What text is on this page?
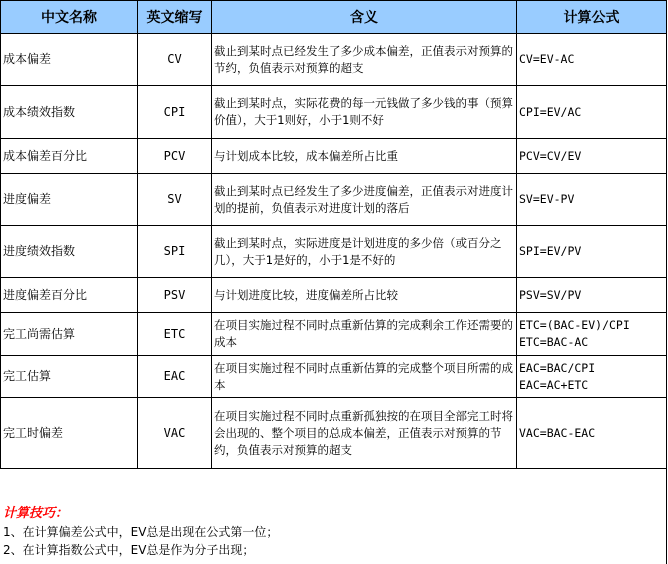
中文名称	英文缩写	含义	计算公式
成本偏差	CV	截止到某时点已经发生了多少成本偏差，正值表示对预算的节约，负值表示对预算的超支	CV=EV-AC

成本绩效指数	CPI	截止到某时点，实际花费的每一元钱做了多少钱的事（预算价值），大于1则好，小于1则不好	CPI=EV/AC

成本偏差百分比	PCV	与计划成本比较，成本偏差所占比重	PCV=CV/EV

进度偏差	SV	截止到某时点已经发生了多少进度偏差，正值表示对进度计划的提前，负值表示对进度计划的落后	SV=EV-PV

进度绩效指数	SPI	截止到某时点，实际进度是计划进度的多少倍（或百分之几），大于1是好的，小于1是不好的	SPI=EV/PV

进度偏差百分比	PSV	与计划进度比较，进度偏差所占比较	PSV=SV/PV

完工尚需估算	ETC	在项目实施过程不同时点重新估算的完成剩余工作还需要的成本	ETC=(BAC-EV)/CPI
ETC=BAC-AC

完工估算	EAC	在项目实施过程不同时点重新估算的完成整个项目所需的成本	EAC=BAC/CPI
EAC=AC+ETC

完工时偏差	VAC	在项目实施过程不同时点重新孤独按的在项目全部完工时将会出现的、整个项目的总成本偏差，正值表示对预算的节约，负值表示对预算的超支	VAC=BAC-EAC
计算技巧：
1、在计算偏差公式中，EV总是出现在公式第一位；
2、在计算指数公式中，EV总是作为分子出现；
